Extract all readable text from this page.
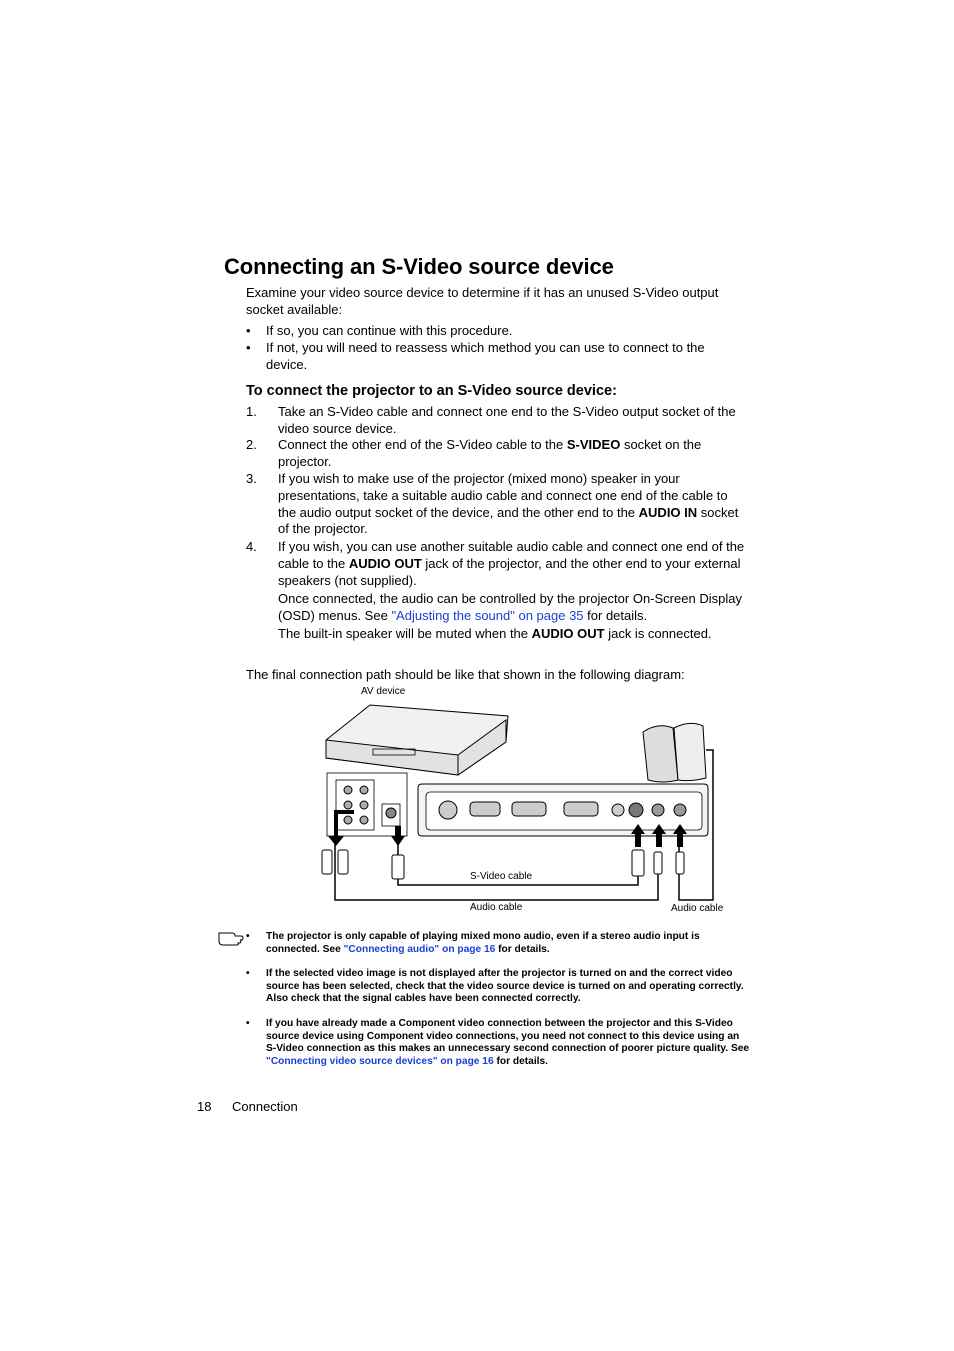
Connecting an S-Video source device
Examine your video source device to determine if it has an unused S-Video output socket available:
• If so, you can continue with this procedure.
• If not, you will need to reassess which method you can use to connect to the device.
To connect the projector to an S-Video source device:
1. Take an S-Video cable and connect one end to the S-Video output socket of the video source device.
2. Connect the other end of the S-Video cable to the S-VIDEO socket on the projector.
3. If you wish to make use of the projector (mixed mono) speaker in your presentations, take a suitable audio cable and connect one end of the cable to the audio output socket of the device, and the other end to the AUDIO IN socket of the projector.
4. If you wish, you can use another suitable audio cable and connect one end of the cable to the AUDIO OUT jack of the projector, and the other end to your external speakers (not supplied).
Once connected, the audio can be controlled by the projector On-Screen Display (OSD) menus. See "Adjusting the sound" on page 35 for details.
The built-in speaker will be muted when the AUDIO OUT jack is connected.
The final connection path should be like that shown in the following diagram:
AV device
S-Video cable
Audio cable	Audio cable
• The projector is only capable of playing mixed mono audio, even if a stereo audio input is connected. See "Connecting audio" on page 16 for details.
• If the selected video image is not displayed after the projector is turned on and the correct video source has been selected, check that the video source device is turned on and operating correctly. Also check that the signal cables have been connected correctly.
• If you have already made a Component video connection between the projector and this S-Video source device using Component video connections, you need not connect to this device using an S-Video connection as this makes an unnecessary second connection of poorer picture quality. See "Connecting video source devices" on page 16 for details.
18 Connection
